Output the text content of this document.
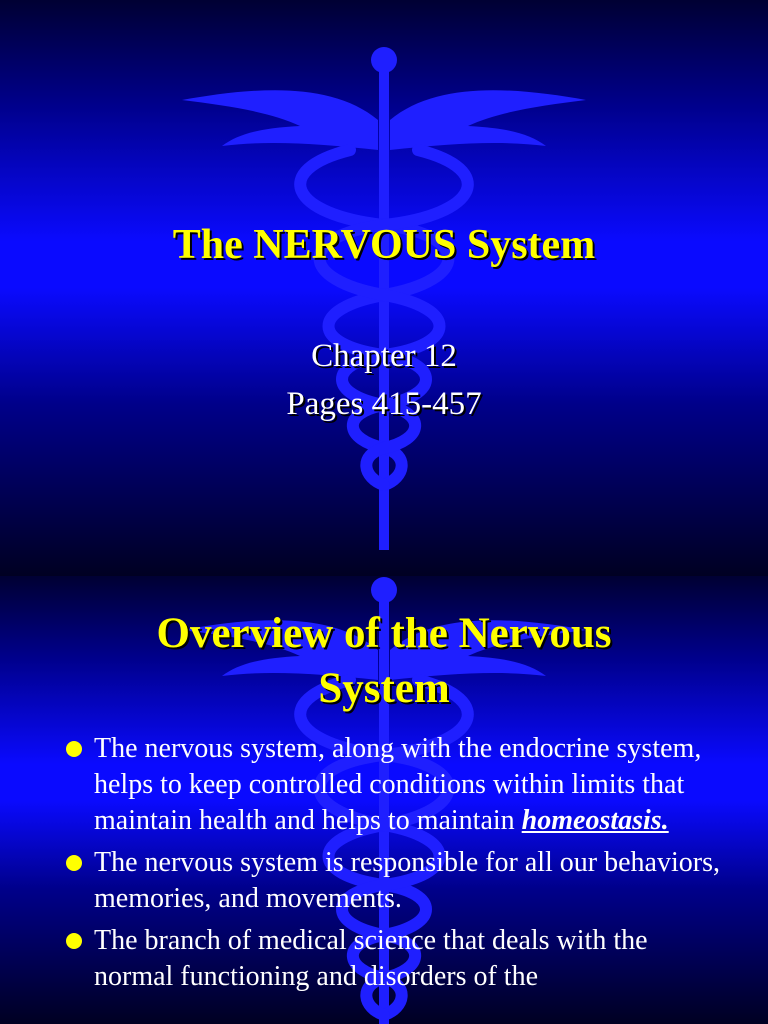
The NERVOUS System
Chapter 12
Pages 415-457
Overview of the Nervous
System
The nervous system, along with the endocrine system, helps to keep controlled conditions within limits that maintain health and helps to maintain homeostasis.
The nervous system is responsible for all our behaviors, memories, and movements.
The branch of medical science that deals with the normal functioning and disorders of the
